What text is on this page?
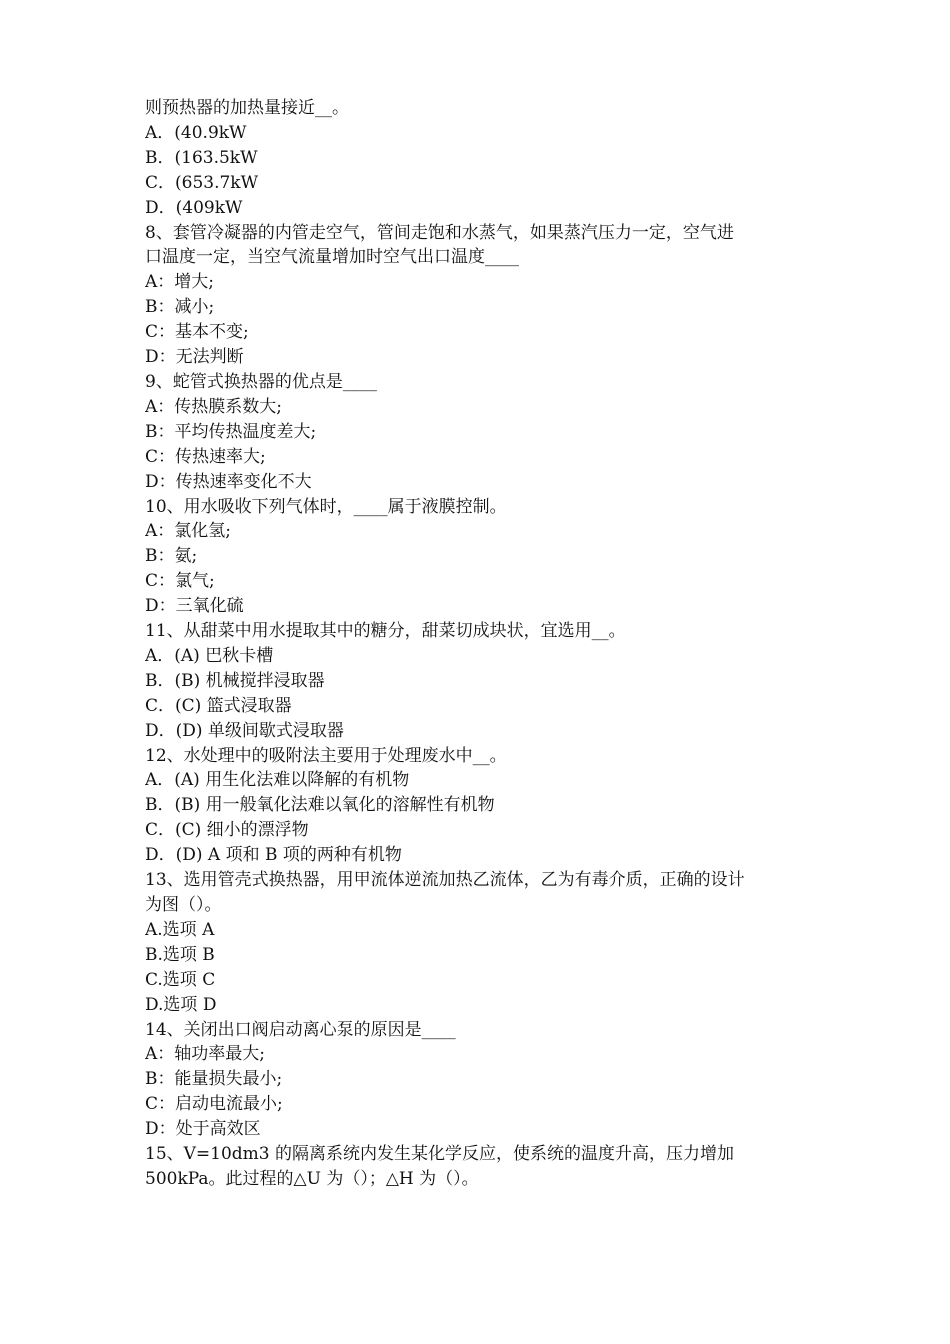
则预热器的加热量接近__。
A．(40.9kW
B．(163.5kW
C．(653.7kW
D．(409kW
8、套管冷凝器的内管走空气，管间走饱和水蒸气，如果蒸汽压力一定，空气进
口温度一定，当空气流量增加时空气出口温度____
A：增大;
B：减小;
C：基本不变;
D：无法判断
9、蛇管式换热器的优点是____
A：传热膜系数大;
B：平均传热温度差大;
C：传热速率大;
D：传热速率变化不大
10、用水吸收下列气体时，____属于液膜控制。
A：氯化氢;
B：氨;
C：氯气;
D：三氧化硫
11、从甜菜中用水提取其中的糖分，甜菜切成块状，宜选用__。
A．(A) 巴秋卡槽
B．(B) 机械搅拌浸取器
C．(C) 篮式浸取器
D．(D) 单级间歇式浸取器
12、水处理中的吸附法主要用于处理废水中__。
A．(A) 用生化法难以降解的有机物
B．(B) 用一般氧化法难以氧化的溶解性有机物
C．(C) 细小的漂浮物
D．(D) A 项和 B 项的两种有机物
13、选用管壳式换热器，用甲流体逆流加热乙流体，乙为有毒介质，正确的设计
为图（）。
A.选项 A
B.选项 B
C.选项 C
D.选项 D
14、关闭出口阀启动离心泵的原因是____
A：轴功率最大;
B：能量损失最小;
C：启动电流最小;
D：处于高效区
15、V=10dm3 的隔离系统内发生某化学反应，使系统的温度升高，压力增加
500kPa。此过程的△U 为（）；△H 为（）。
